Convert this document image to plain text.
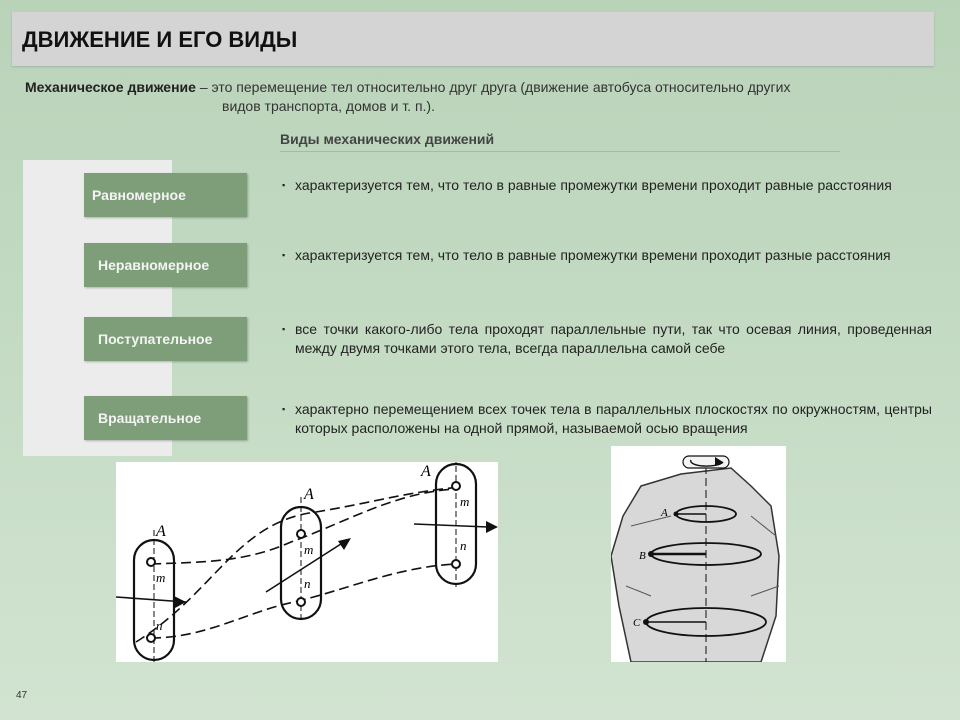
ДВИЖЕНИЕ И ЕГО ВИДЫ
Механическое движение – это перемещение тел относительно друг друга (движение автобуса относительно других
видов транспорта, домов и т. п.).
Виды механических движений
Равномерное
Неравномерное
Поступательное
Вращательное
▪ характеризуется тем, что тело в равные промежутки времени проходит равные расстояния
▪ характеризуется тем, что тело в равные промежутки времени проходит разные расстояния
▪ все точки какого-либо тела проходят параллельные пути, так что осевая линия, проведенная между двумя точками этого тела, всегда параллельна самой себе
▪ характерно перемещением всех точек тела в параллельных плоскостях по окружностям, центры которых расположены на одной прямой, называемой осью вращения
A
m
n
A
m
n
A
m
n
A
B
C
47
